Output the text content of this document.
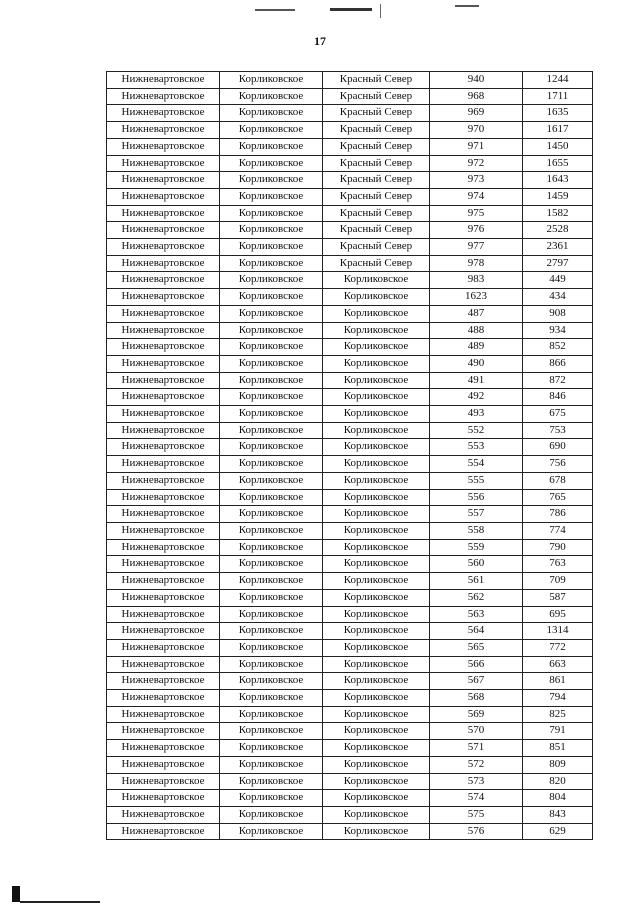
17
Нижневартовское	Корликовское	Красный Север	940	1244
Нижневартовское	Корликовское	Красный Север	968	1711
Нижневартовское	Корликовское	Красный Север	969	1635
Нижневартовское	Корликовское	Красный Север	970	1617
Нижневартовское	Корликовское	Красный Север	971	1450
Нижневартовское	Корликовское	Красный Север	972	1655
Нижневартовское	Корликовское	Красный Север	973	1643
Нижневартовское	Корликовское	Красный Север	974	1459
Нижневартовское	Корликовское	Красный Север	975	1582
Нижневартовское	Корликовское	Красный Север	976	2528
Нижневартовское	Корликовское	Красный Север	977	2361
Нижневартовское	Корликовское	Красный Север	978	2797
Нижневартовское	Корликовское	Корликовское	983	449
Нижневартовское	Корликовское	Корликовское	1623	434
Нижневартовское	Корликовское	Корликовское	487	908
Нижневартовское	Корликовское	Корликовское	488	934
Нижневартовское	Корликовское	Корликовское	489	852
Нижневартовское	Корликовское	Корликовское	490	866
Нижневартовское	Корликовское	Корликовское	491	872
Нижневартовское	Корликовское	Корликовское	492	846
Нижневартовское	Корликовское	Корликовское	493	675
Нижневартовское	Корликовское	Корликовское	552	753
Нижневартовское	Корликовское	Корликовское	553	690
Нижневартовское	Корликовское	Корликовское	554	756
Нижневартовское	Корликовское	Корликовское	555	678
Нижневартовское	Корликовское	Корликовское	556	765
Нижневартовское	Корликовское	Корликовское	557	786
Нижневартовское	Корликовское	Корликовское	558	774
Нижневартовское	Корликовское	Корликовское	559	790
Нижневартовское	Корликовское	Корликовское	560	763
Нижневартовское	Корликовское	Корликовское	561	709
Нижневартовское	Корликовское	Корликовское	562	587
Нижневартовское	Корликовское	Корликовское	563	695
Нижневартовское	Корликовское	Корликовское	564	1314
Нижневартовское	Корликовское	Корликовское	565	772
Нижневартовское	Корликовское	Корликовское	566	663
Нижневартовское	Корликовское	Корликовское	567	861
Нижневартовское	Корликовское	Корликовское	568	794
Нижневартовское	Корликовское	Корликовское	569	825
Нижневартовское	Корликовское	Корликовское	570	791
Нижневартовское	Корликовское	Корликовское	571	851
Нижневартовское	Корликовское	Корликовское	572	809
Нижневартовское	Корликовское	Корликовское	573	820
Нижневартовское	Корликовское	Корликовское	574	804
Нижневартовское	Корликовское	Корликовское	575	843
Нижневартовское	Корликовское	Корликовское	576	629
